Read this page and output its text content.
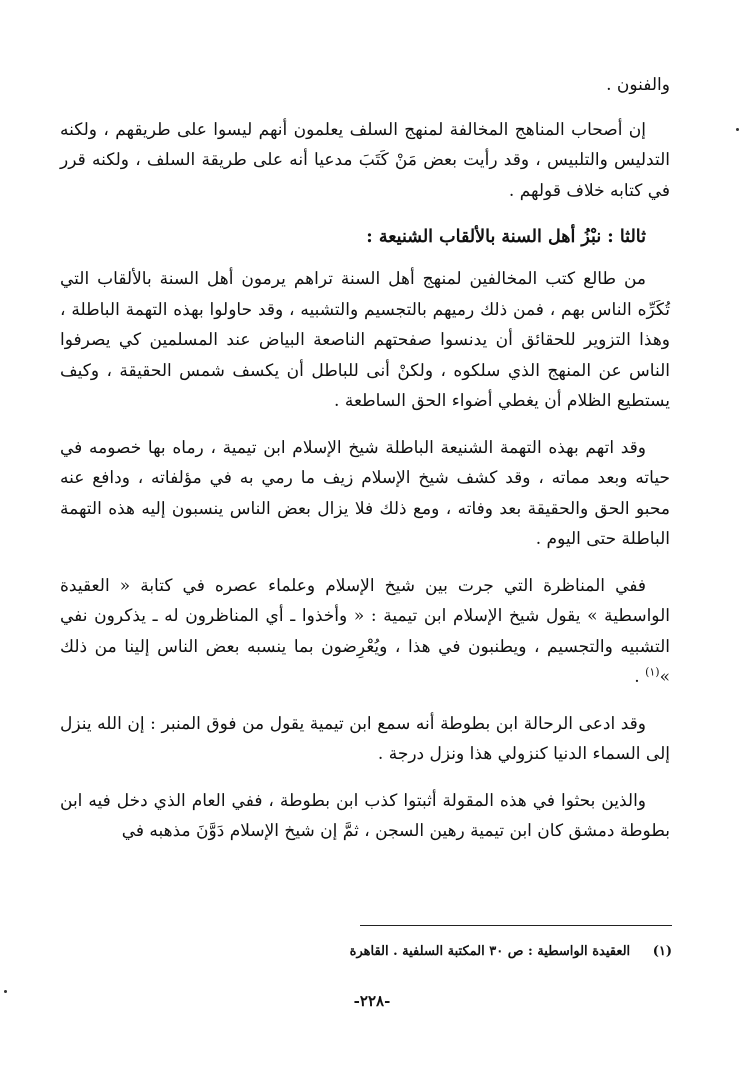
والفنون .

إن أصحاب المناهج المخالفة لمنهج السلف يعلمون أنهم ليسوا على طريقهم ، ولكنه التدليس والتلبيس ، وقد رأيت بعض مَنْ كَتَبَ مدعيا أنه على طريقة السلف ، ولكنه قرر في كتابه خلاف قولهم .

ثالثا : نبْزُ أهل السنة بالألقاب الشنيعة :

من طالع كتب المخالفين لمنهج أهل السنة تراهم يرمون أهل السنة بالألقاب التي تُكَرِّه الناس بهم ، فمن ذلك رميهم بالتجسيم والتشبيه ، وقد حاولوا بهذه التهمة الباطلة ، وهذا التزوير للحقائق أن يدنسوا صفحتهم الناصعة البياض عند المسلمين كي يصرفوا الناس عن المنهج الذي سلكوه ، ولكنْ أنى للباطل أن يكسف شمس الحقيقة ، وكيف يستطيع الظلام أن يغطي أضواء الحق الساطعة .

وقد اتهم بهذه التهمة الشنيعة الباطلة شيخ الإسلام ابن تيمية ، رماه بها خصومه في حياته وبعد مماته ، وقد كشف شيخ الإسلام زيف ما رمي به في مؤلفاته ، ودافع عنه محبو الحق والحقيقة بعد وفاته ، ومع ذلك فلا يزال بعض الناس ينسبون إليه هذه التهمة الباطلة حتى اليوم .

ففي المناظرة التي جرت بين شيخ الإسلام وعلماء عصره في كتابة « العقيدة الواسطية » يقول شيخ الإسلام ابن تيمية : « وأخذوا ـ أي المناظرون له ـ يذكرون نفي التشبيه والتجسيم ، ويطنبون في هذا ، ويُعْرِضون بما ينسبه بعض الناس إلينا من ذلك »$^{(١)}$ .

وقد ادعى الرحالة ابن بطوطة أنه سمع ابن تيمية يقول من فوق المنبر : إن الله ينزل إلى السماء الدنيا كنزولي هذا ونزل درجة .

والذين بحثوا في هذه المقولة أثبتوا كذب ابن بطوطة ، ففي العام الذي دخل فيه ابن بطوطة دمشق كان ابن تيمية رهين السجن ، ثمَّ إن شيخ الإسلام دَوَّنَ مذهبه في

(١) العقيدة الواسطية : ص ٣٠ المكتبة السلفية . القاهرة
-٢٢٨-
